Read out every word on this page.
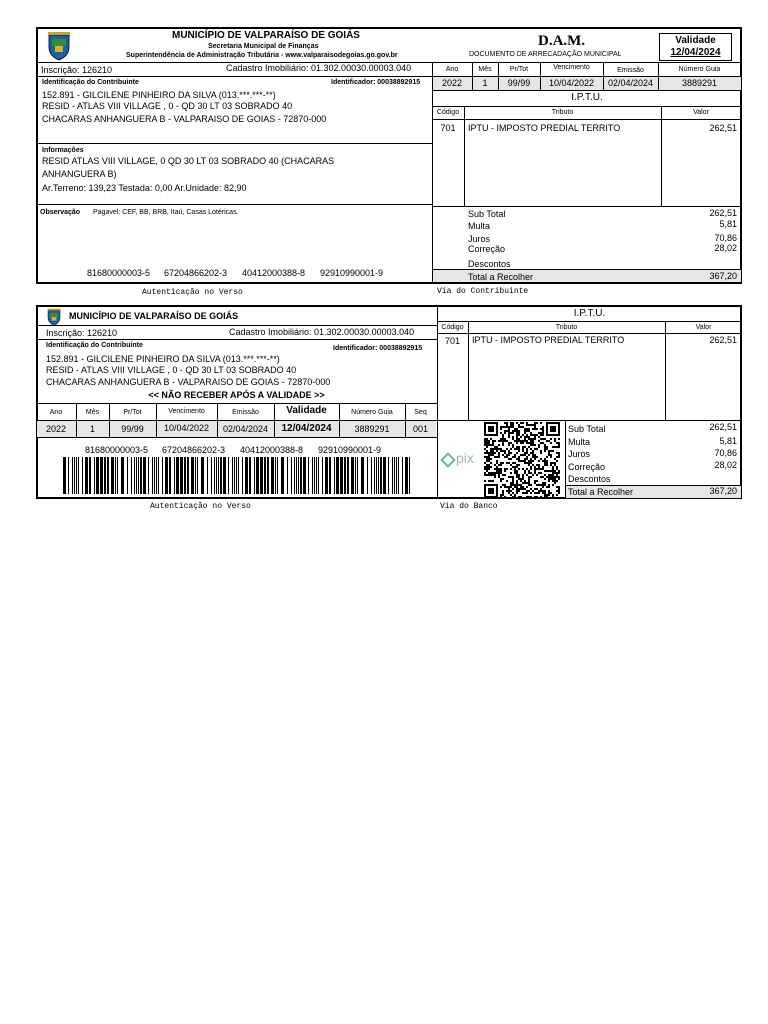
MUNICÍPIO DE VALPARAÍSO DE GOIÁS
Secretaria Municipal de Finanças
Superintendência de Administração Tributária - www.valparaisodegoias.go.gov.br
D.A.M.
DOCUMENTO DE ARRECADAÇÃO MUNICIPAL
Validade
12/04/2024
Inscrição: 126210	Cadastro Imobiliário: 01.302.00030.00003.040	Ano	Mês	Pr/Tot	Vencimento	Emissão	Número Guia
2022	1	99/99	10/04/2022	02/04/2024	3889291
I.P.T.U.
Código	Tributo	Valor
701	IPTU - IMPOSTO PREDIAL TERRITO	262,51
Sub Total	262,51
Multa	5,81
Juros	70,86
Correção	28,02
Descontos
Total a Recolher	367,20
Identificação do Contribuinte	Identificador: 00038892915
152.891 - GILCILENE PINHEIRO DA SILVA (013.***.***-**)
RESID - ATLAS VIII VILLAGE , 0 - QD 30 LT 03 SOBRADO 40
CHACARAS ANHANGUERA B - VALPARAISO DE GOIAS - 72870-000
Informações
RESID ATLAS VIII VILLAGE, 0 QD 30 LT 03 SOBRADO 40 (CHACARAS
ANHANGUERA B)
Ar.Terreno: 139,23 Testada: 0,00 Ar.Unidade: 82,90
Observação Pagavel: CEF, BB, BRB, Itaú, Casas Lotéricas.
81680000003-5 67204866202-3 40412000388-8 92910990001-9
Autenticação no Verso	Via do Contribuinte
MUNICÍPIO DE VALPARAÍSO DE GOIÁS
Inscrição: 126210	Cadastro Imobiliário: 01.302.00030.00003.040
Identificação do Contribuinte	Identificador: 00038892915
152.891 - GILCILENE PINHEIRO DA SILVA (013.***.***-**)
RESID - ATLAS VIII VILLAGE , 0 - QD 30 LT 03 SOBRADO 40
CHACARAS ANHANGUERA B - VALPARAISO DE GOIAS - 72870-000
<< NÃO RECEBER APÓS A VALIDADE >>
Ano	Mês	Pr/Tot	Vencimento	Emissão	Validade	Número Guia	Seq
2022	1	99/99	10/04/2022	02/04/2024	12/04/2024	3889291	001
81680000003-5 67204866202-3 40412000388-8 92910990001-9
I.P.T.U.
Código	Tributo	Valor
701	IPTU - IMPOSTO PREDIAL TERRITO	262,51
pix
Sub Total	262,51
Multa	5,81
Juros	70,86
Correção	28,02
Descontos
Total a Recolher	367,20
Autenticação no Verso	Via do Banco
